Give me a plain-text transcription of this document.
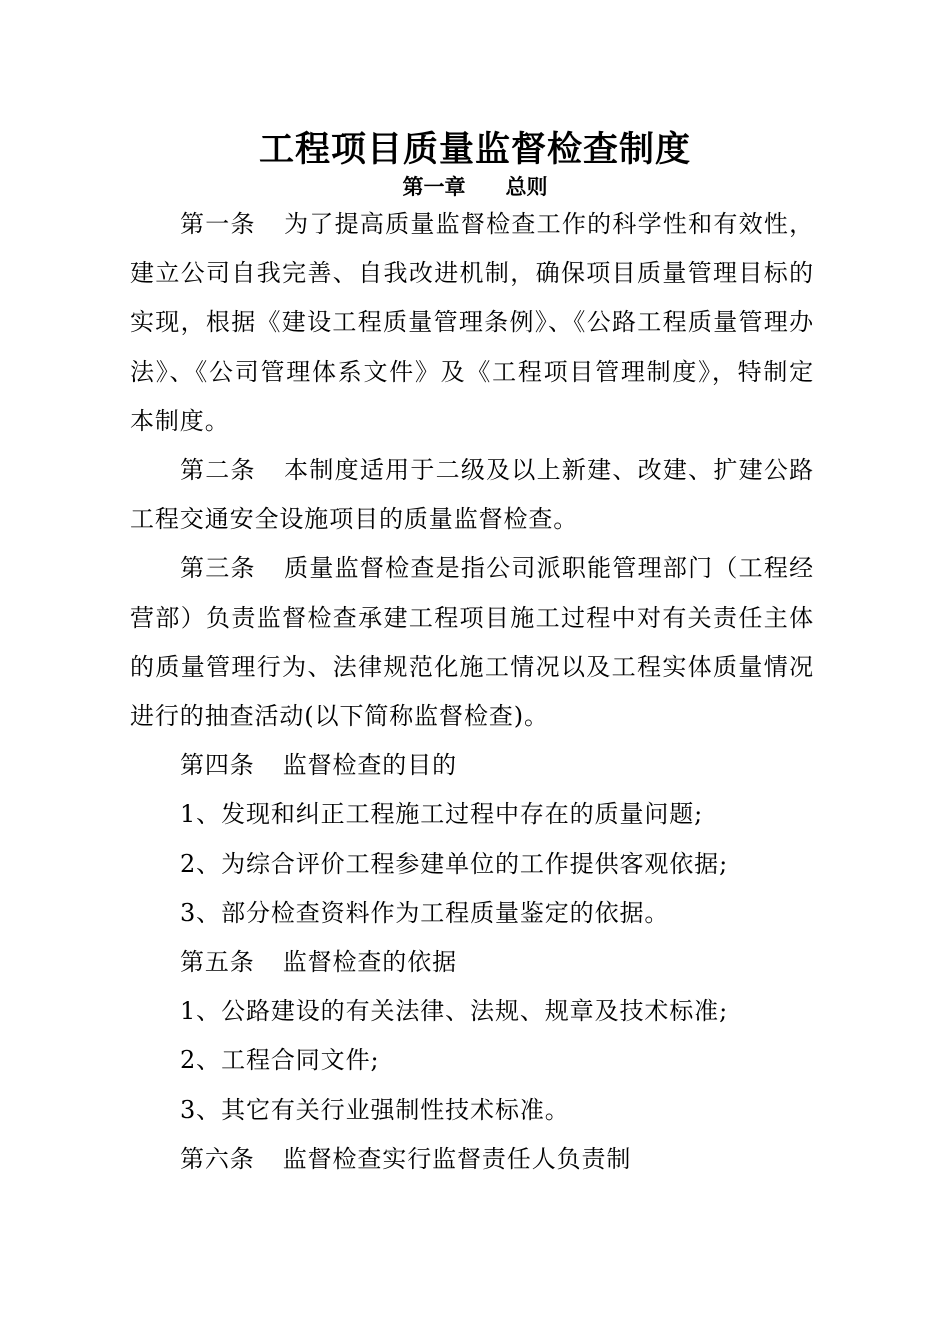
工程项目质量监督检查制度
第一章 总则

第一条 为了提高质量监督检查工作的科学性和有效性，建立公司自我完善、自我改进机制，确保项目质量管理目标的实现，根据《建设工程质量管理条例》、《公路工程质量管理办法》、《公司管理体系文件》及《工程项目管理制度》，特制定本制度。

第二条 本制度适用于二级及以上新建、改建、扩建公路工程交通安全设施项目的质量监督检查。

第三条 质量监督检查是指公司派职能管理部门（工程经营部）负责监督检查承建工程项目施工过程中对有关责任主体的质量管理行为、法律规范化施工情况以及工程实体质量情况进行的抽查活动(以下简称监督检查)。

第四条 监督检查的目的

1、发现和纠正工程施工过程中存在的质量问题;

2、为综合评价工程参建单位的工作提供客观依据;

3、部分检查资料作为工程质量鉴定的依据。

第五条 监督检查的依据

1、公路建设的有关法律、法规、规章及技术标准;

2、工程合同文件;

3、其它有关行业强制性技术标准。

第六条 监督检查实行监督责任人负责制
